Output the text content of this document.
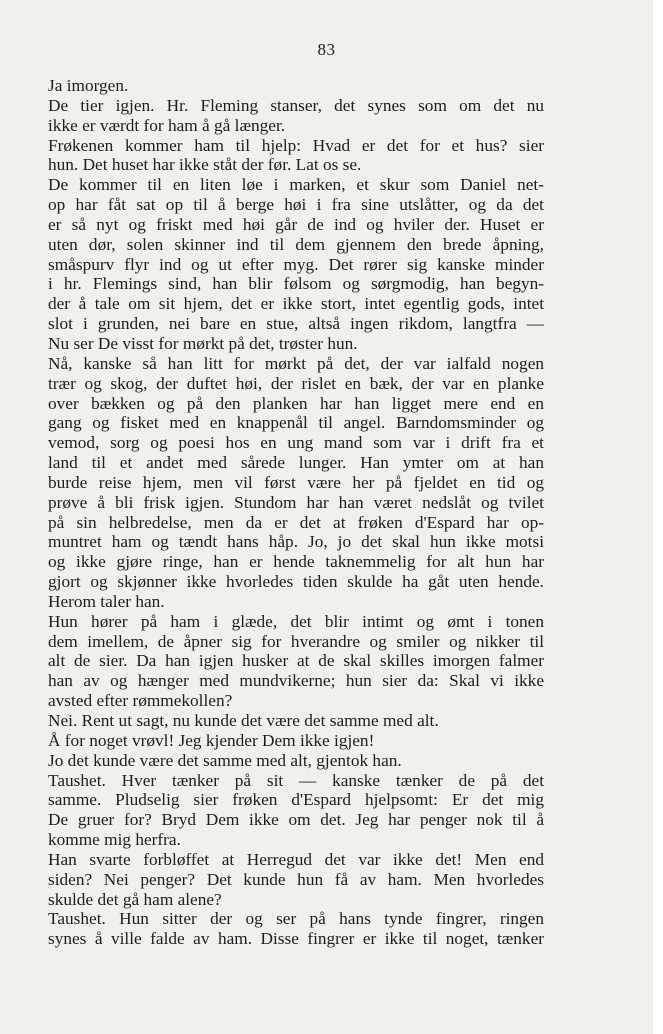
83
Ja imorgen.
De tier igjen. Hr. Fleming stanser, det synes som om det nu
ikke er værdt for ham å gå længer.
Frøkenen kommer ham til hjelp: Hvad er det for et hus? sier
hun. Det huset har ikke ståt der før. Lat os se.
De kommer til en liten løe i marken, et skur som Daniel net-
op har fåt sat op til å berge høi i fra sine utslåtter, og da det
er så nyt og friskt med høi går de ind og hviler der. Huset er
uten dør, solen skinner ind til dem gjennem den brede åpning,
småspurv flyr ind og ut efter myg. Det rører sig kanske minder
i hr. Flemings sind, han blir følsom og sørgmodig, han begyn-
der å tale om sit hjem, det er ikke stort, intet egentlig gods, intet
slot i grunden, nei bare en stue, altså ingen rikdom, langtfra —
Nu ser De visst for mørkt på det, trøster hun.
Nå, kanske så han litt for mørkt på det, der var ialfald nogen
trær og skog, der duftet høi, der rislet en bæk, der var en planke
over bækken og på den planken har han ligget mere end en
gang og fisket med en knappenål til angel. Barndomsminder og
vemod, sorg og poesi hos en ung mand som var i drift fra et
land til et andet med sårede lunger. Han ymter om at han
burde reise hjem, men vil først være her på fjeldet en tid og
prøve å bli frisk igjen. Stundom har han været nedslåt og tvilet
på sin helbredelse, men da er det at frøken d'Espard har op-
muntret ham og tændt hans håp. Jo, jo det skal hun ikke motsi
og ikke gjøre ringe, han er hende taknemmelig for alt hun har
gjort og skjønner ikke hvorledes tiden skulde ha gåt uten hende.
Herom taler han.
Hun hører på ham i glæde, det blir intimt og ømt i tonen
dem imellem, de åpner sig for hverandre og smiler og nikker til
alt de sier. Da han igjen husker at de skal skilles imorgen falmer
han av og hænger med mundvikerne; hun sier da: Skal vi ikke
avsted efter rømmekollen?
Nei. Rent ut sagt, nu kunde det være det samme med alt.
Å for noget vrøvl! Jeg kjender Dem ikke igjen!
Jo det kunde være det samme med alt, gjentok han.
Taushet. Hver tænker på sit — kanske tænker de på det
samme. Pludselig sier frøken d'Espard hjelpsomt: Er det mig
De gruer for? Bryd Dem ikke om det. Jeg har penger nok til å
komme mig herfra.
Han svarte forbløffet at Herregud det var ikke det! Men end
siden? Nei penger? Det kunde hun få av ham. Men hvorledes
skulde det gå ham alene?
Taushet. Hun sitter der og ser på hans tynde fingrer, ringen
synes å ville falde av ham. Disse fingrer er ikke til noget, tænker
